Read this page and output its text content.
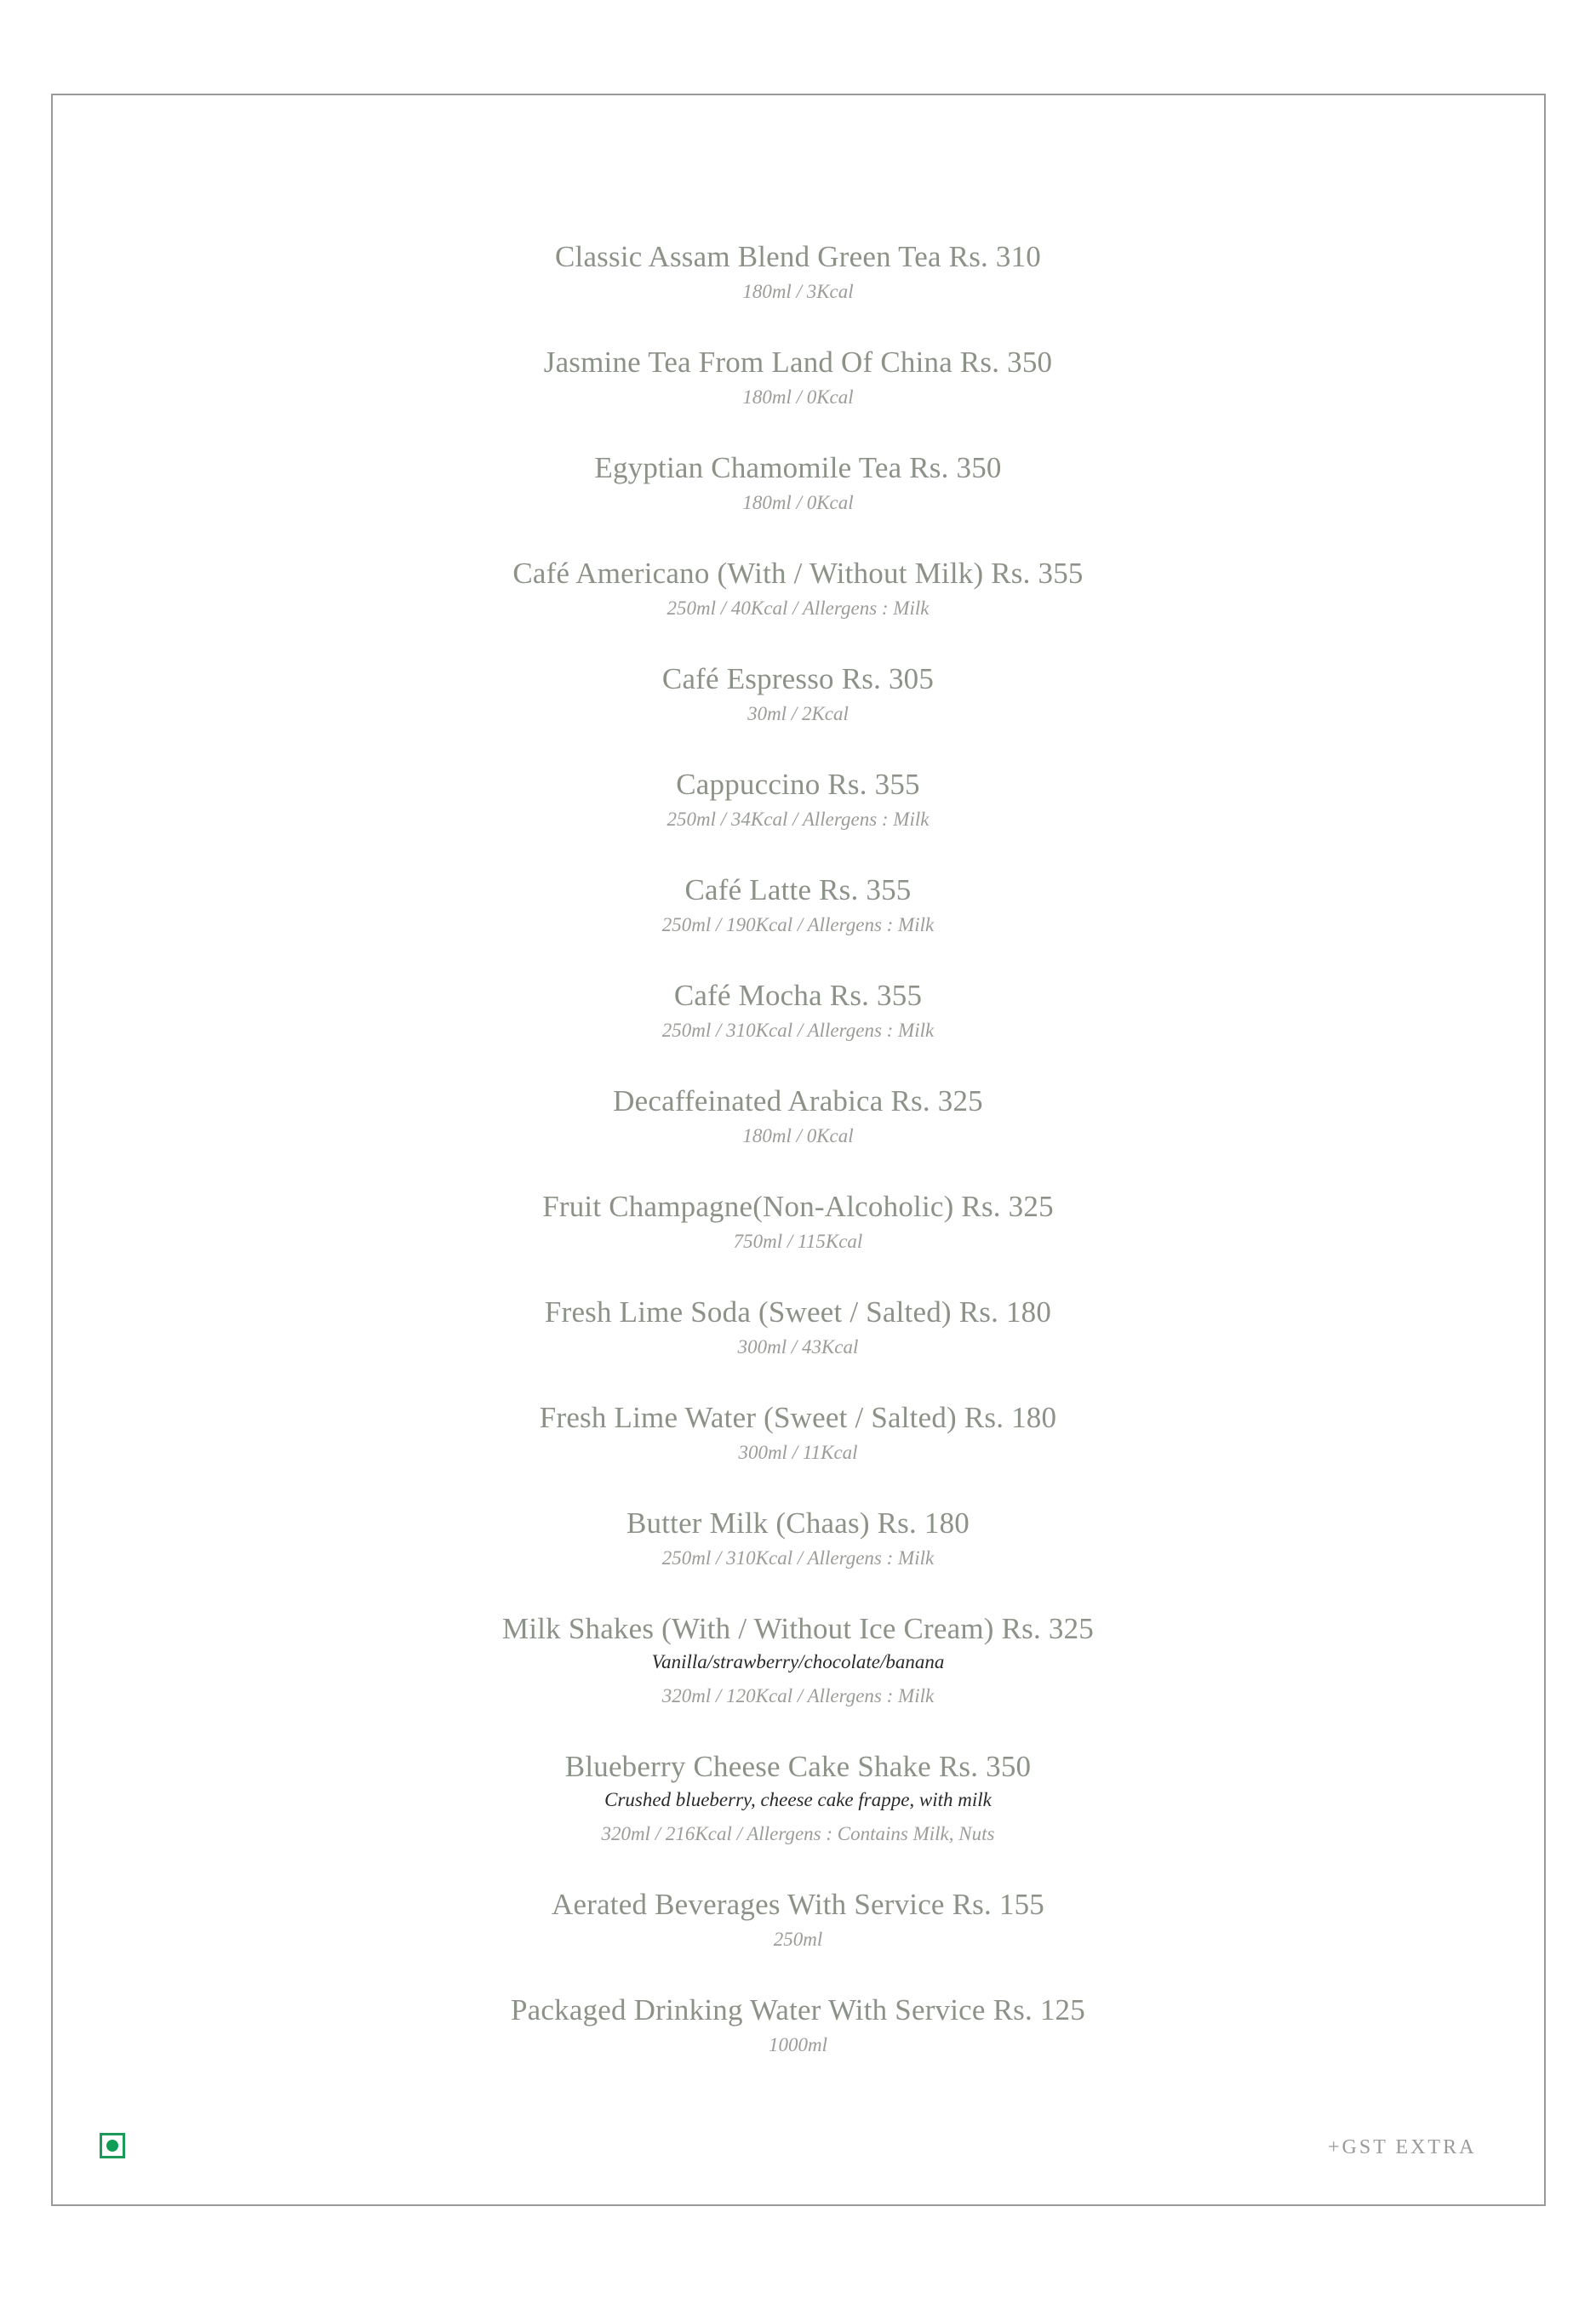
Classic Assam Blend Green Tea Rs. 310
180ml / 3Kcal
Jasmine Tea From Land Of China Rs. 350
180ml / 0Kcal
Egyptian Chamomile Tea Rs. 350
180ml / 0Kcal
Café Americano (With / Without Milk) Rs. 355
250ml / 40Kcal / Allergens : Milk
Café Espresso Rs. 305
30ml / 2Kcal
Cappuccino Rs. 355
250ml / 34Kcal / Allergens : Milk
Café Latte Rs. 355
250ml / 190Kcal / Allergens : Milk
Café Mocha Rs. 355
250ml / 310Kcal / Allergens : Milk
Decaffeinated Arabica Rs. 325
180ml / 0Kcal
Fruit Champagne(Non-Alcoholic) Rs. 325
750ml / 115Kcal
Fresh Lime Soda (Sweet / Salted) Rs. 180
300ml / 43Kcal
Fresh Lime Water (Sweet / Salted) Rs. 180
300ml / 11Kcal
Butter Milk (Chaas) Rs. 180
250ml / 310Kcal / Allergens : Milk
Milk Shakes (With / Without Ice Cream) Rs. 325
Vanilla/strawberry/chocolate/banana
320ml / 120Kcal / Allergens : Milk
Blueberry Cheese Cake Shake Rs. 350
Crushed blueberry, cheese cake frappe, with milk
320ml / 216Kcal / Allergens : Contains Milk, Nuts
Aerated Beverages With Service Rs. 155
250ml
Packaged Drinking Water With Service Rs. 125
1000ml
+GST EXTRA
